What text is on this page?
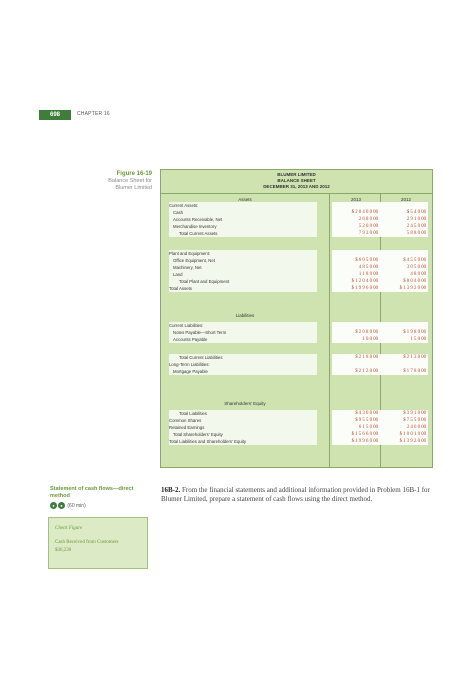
698	CHAPTER 16
Figure 16-19
Balance Sheet for
Blumer Limited
BLUMER LIMITED
BALANCE SHEET
DECEMBER 31, 2013 AND 2012
Assets	2013	2012
Liabilities
Shareholders' Equity
Current Assets:
Cash	$ 2 0 4 0 0 00	$ 5 4 0 00
Accounts Receivable, Net	2 6 8 0 00	2 9 1 0 00
Merchandise Inventory	5 2 0 0 00	2 4 5 0 00
Total Current Assets	7 9 2 0 00	5 8 8 0 00
Plant and Equipment:
Office Equipment, Net	$ 6 0 5 0 00	$ 4 5 5 0 00
Machinery, Net	4 8 5 0 00	3 0 5 0 00
Land	1 1 8 0 00	4 8 0 00
Total Plant and Equipment	$ 1 2 0 4 0 00	$ 8 0 4 0 00
Total Assets	$ 1 9 9 6 0 00	$ 1 3 9 2 0 00
Current Liabilities:
Notes Payable—Short Term	$ 2 0 8 0 00	$ 1 9 8 0 00
Accounts Payable	1 0 0 00	1 5 0 00
Total Current Liabilities	$ 2 1 8 0 00	$ 2 1 3 0 00
Long-Term Liabilities:
Mortgage Payable	$ 2 1 2 0 00	$ 1 7 8 0 00
Total Liabilities	$ 4 3 0 0 00	$ 3 9 1 0 00
Common Shares	$ 9 5 5 0 00	$ 7 5 5 0 00
Retained Earnings	6 1 5 0 00	2 4 6 0 00
Total Shareholders' Equity	$ 1 5 6 6 0 00	$ 1 0 0 1 0 00
Total Liabilities and Shareholders' Equity	$ 1 9 9 6 0 00	$ 1 3 9 2 0 00
Statement of cash flows—direct method
● ● (60 min)
Check Figure
Cash Received from Customers
$36,230
16B-2. From the financial statements and additional information provided in Problem 16B-1 for Blumer Limited, prepare a statement of cash flows using the direct method.
